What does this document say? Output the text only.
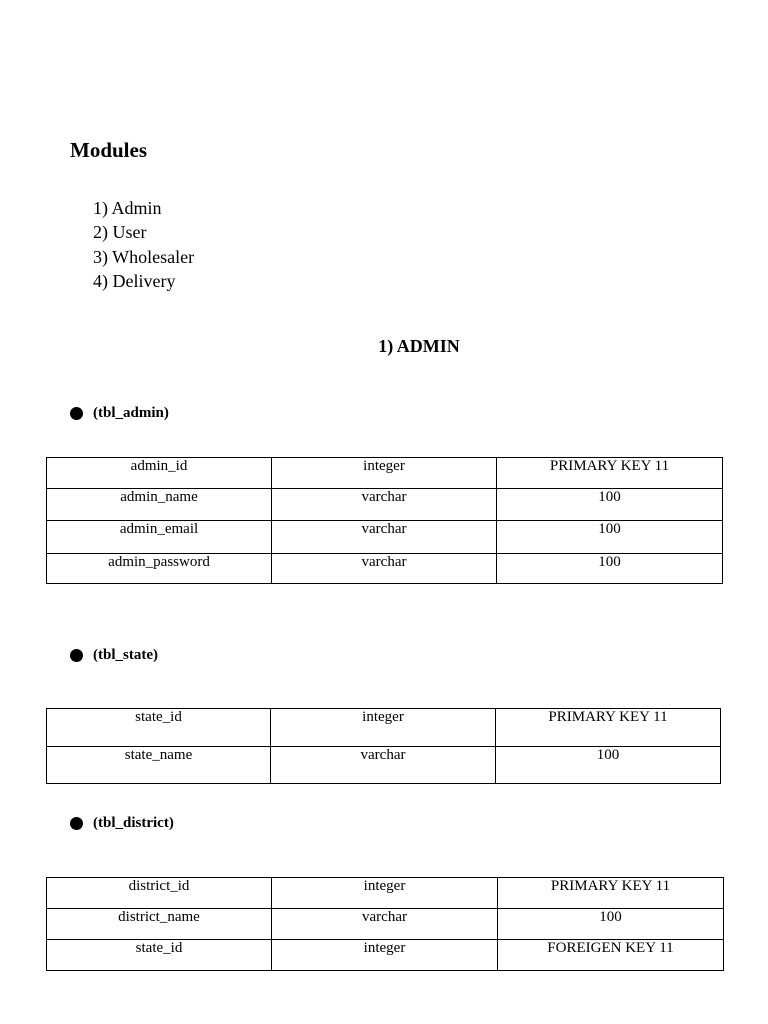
Modules
1) Admin
2) User
3) Wholesaler
4) Delivery
1) ADMIN
(tbl_admin)
admin_id	integer	PRIMARY KEY 11
admin_name	varchar	100
admin_email	varchar	100
admin_password	varchar	100
(tbl_state)
state_id	integer	PRIMARY KEY 11
state_name	varchar	100
(tbl_district)
district_id	integer	PRIMARY KEY 11
district_name	varchar	100
state_id	integer	FOREIGEN KEY 11
